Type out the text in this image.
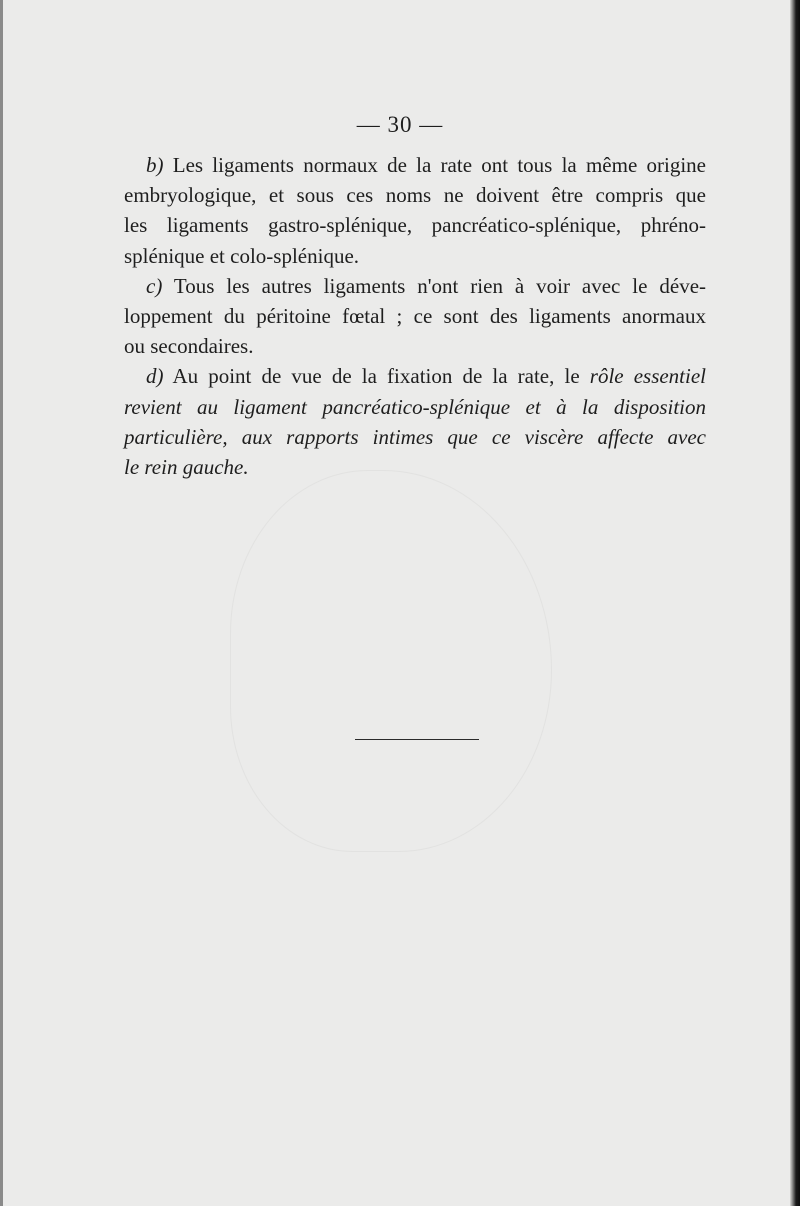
— 30 —

b) Les ligaments normaux de la rate ont tous la même origine
embryologique, et sous ces noms ne doivent être compris que
les ligaments gastro-splénique, pancréatico-splénique, phréno-
splénique et colo-splénique.

c) Tous les autres ligaments n'ont rien à voir avec le déve-
loppement du péritoine fœtal ; ce sont des ligaments anormaux
ou secondaires.

d) Au point de vue de la fixation de la rate, le rôle essentiel
revient au ligament pancréatico-splénique et à la disposition
particulière, aux rapports intimes que ce viscère affecte avec
le rein gauche.
